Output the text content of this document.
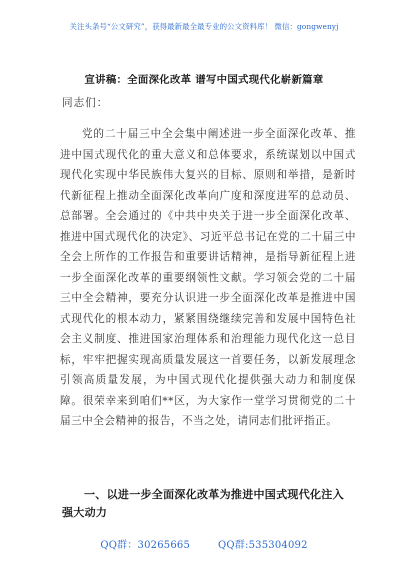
关注头条号“公文研究”，获得最新最全最专业的公文资料库！ 微信：gongwenyj
宣讲稿：全面深化改革 谱写中国式现代化崭新篇章
同志们：
党的二十届三中全会集中阐述进一步全面深化改革、推进中国式现代化的重大意义和总体要求，系统谋划以中国式现代化实现中华民族伟大复兴的目标、原则和举措，是新时代新征程上推动全面深化改革向广度和深度进军的总动员、总部署。全会通过的《中共中央关于进一步全面深化改革、推进中国式现代化的决定》、习近平总书记在党的二十届三中全会上所作的工作报告和重要讲话精神，是指导新征程上进一步全面深化改革的重要纲领性文献。学习领会党的二十届三中全会精神，要充分认识进一步全面深化改革是推进中国式现代化的根本动力，紧紧围绕继续完善和发展中国特色社会主义制度、推进国家治理体系和治理能力现代化这一总目标，牢牢把握实现高质量发展这一首要任务，以新发展理念引领高质量发展，为中国式现代化提供强大动力和制度保障。很荣幸来到咱们**区，为大家作一堂学习贯彻党的二十届三中全会精神的报告，不当之处，请同志们批评指正。
一、以进一步全面深化改革为推进中国式现代化注入强大动力
QQ群：30265665	QQ群:535304092
